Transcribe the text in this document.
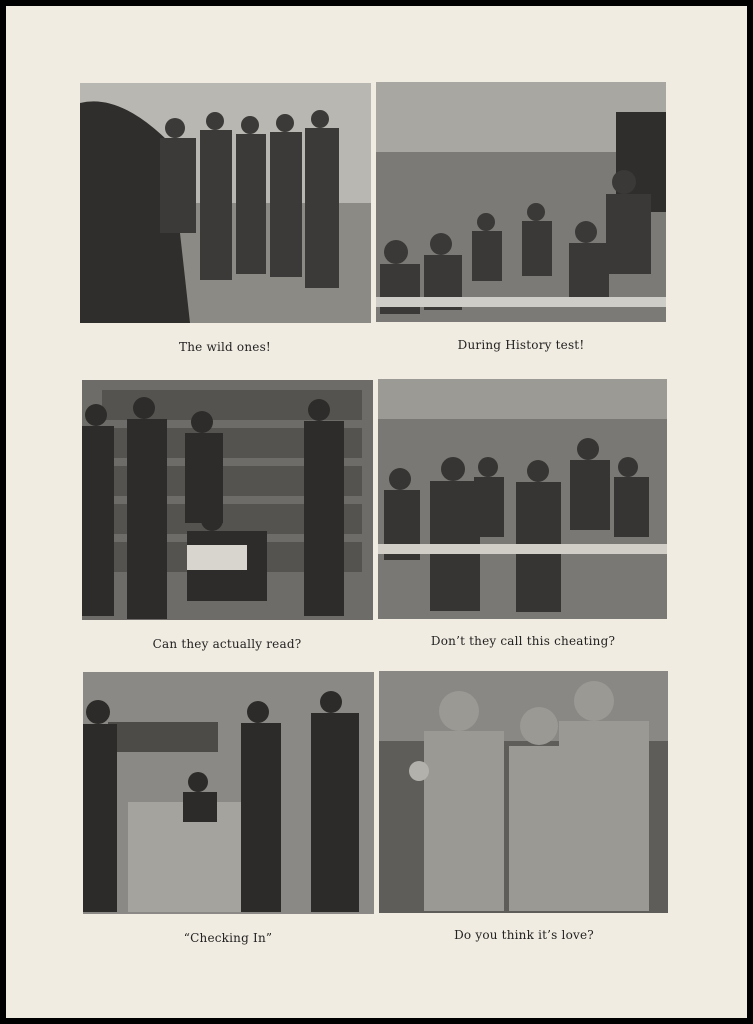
The wild ones!	During History test!
Can they actually read?	Don’t they call this cheating?
“Checking In”	Do you think it’s love?
